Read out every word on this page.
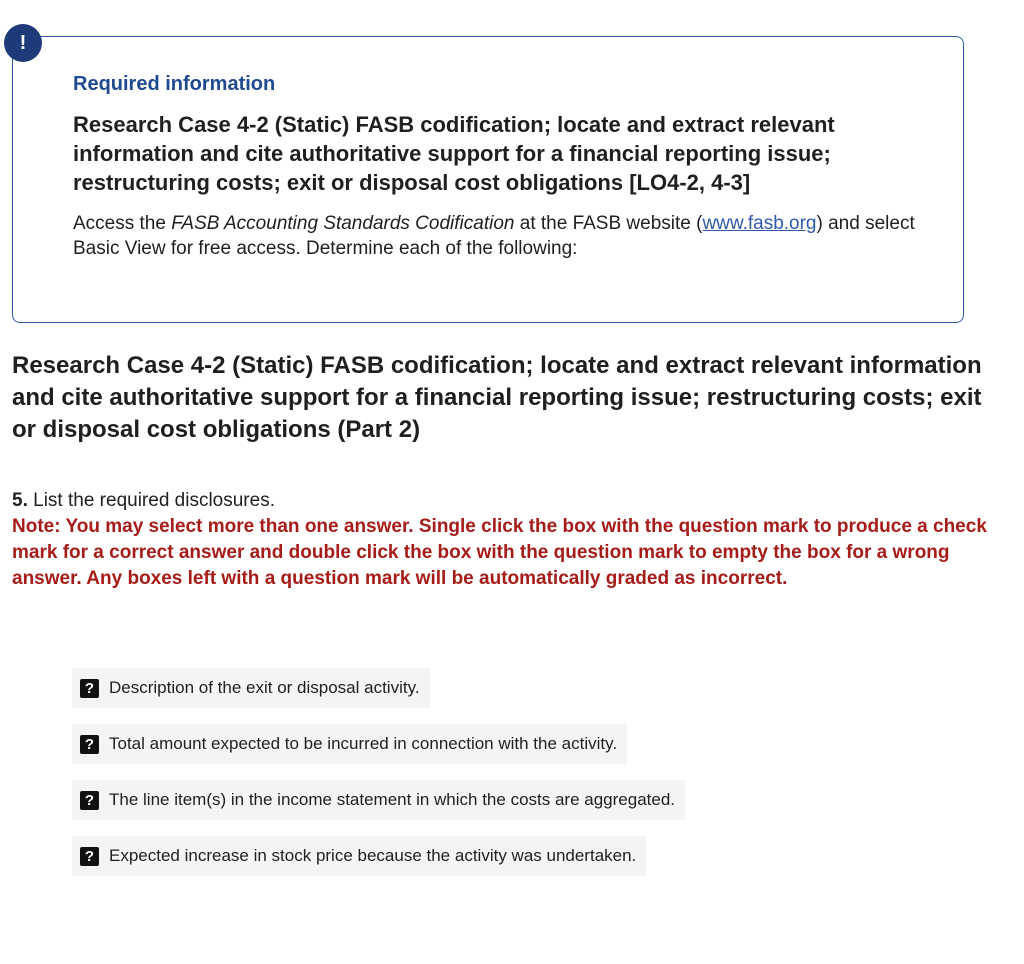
!

Required information

Research Case 4-2 (Static) FASB codification; locate and extract relevant information and cite authoritative support for a financial reporting issue; restructuring costs; exit or disposal cost obligations [LO4-2, 4-3]

Access the FASB Accounting Standards Codification at the FASB website (www.fasb.org) and select Basic View for free access. Determine each of the following:

Research Case 4-2 (Static) FASB codification; locate and extract relevant information and cite authoritative support for a financial reporting issue; restructuring costs; exit or disposal cost obligations (Part 2)
5. List the required disclosures.
Note: You may select more than one answer. Single click the box with the question mark to produce a check mark for a correct answer and double click the box with the question mark to empty the box for a wrong answer. Any boxes left with a question mark will be automatically graded as incorrect.
? Description of the exit or disposal activity.
? Total amount expected to be incurred in connection with the activity.
? The line item(s) in the income statement in which the costs are aggregated.
? Expected increase in stock price because the activity was undertaken.
